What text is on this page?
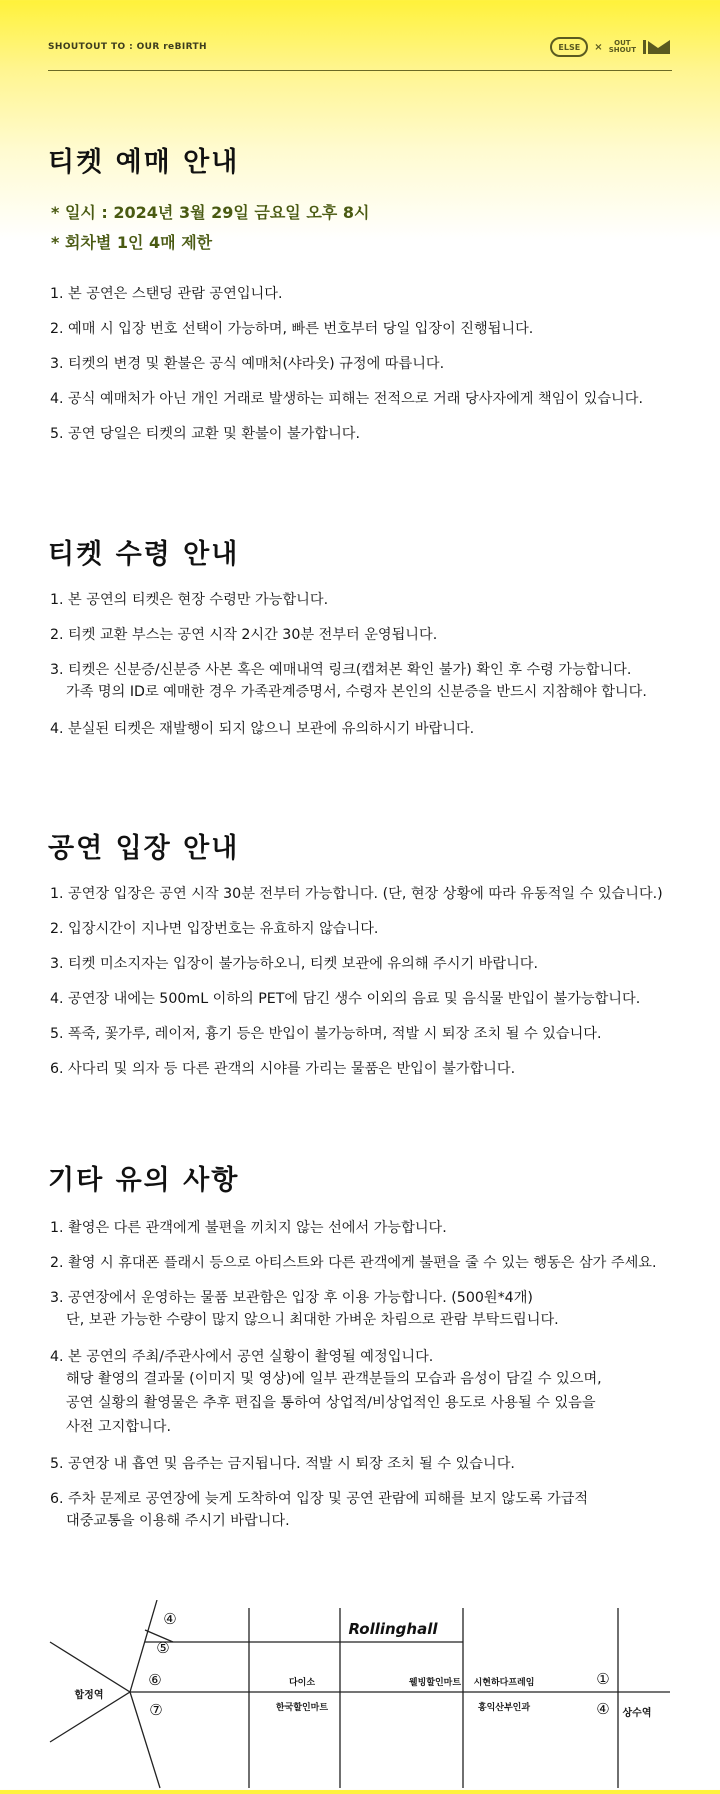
SHOUTOUT TO : OUR reBIRTH	ELSE	×	OUT
SHOUT
티켓 예매 안내
* 일시 : 2024년 3월 29일 금요일 오후 8시
* 회차별 1인 4매 제한
1. 본 공연은 스탠딩 관람 공연입니다.
2. 예매 시 입장 번호 선택이 가능하며, 빠른 번호부터 당일 입장이 진행됩니다.
3. 티켓의 변경 및 환불은 공식 예매처(샤라웃) 규정에 따릅니다.
4. 공식 예매처가 아닌 개인 거래로 발생하는 피해는 전적으로 거래 당사자에게 책임이 있습니다.
5. 공연 당일은 티켓의 교환 및 환불이 불가합니다.
티켓 수령 안내
1. 본 공연의 티켓은 현장 수령만 가능합니다.
2. 티켓 교환 부스는 공연 시작 2시간 30분 전부터 운영됩니다.
3. 티켓은 신분증/신분증 사본 혹은 예매내역 링크(캡쳐본 확인 불가) 확인 후 수령 가능합니다.
가족 명의 ID로 예매한 경우 가족관계증명서, 수령자 본인의 신분증을 반드시 지참해야 합니다.
4. 분실된 티켓은 재발행이 되지 않으니 보관에 유의하시기 바랍니다.
공연 입장 안내
1. 공연장 입장은 공연 시작 30분 전부터 가능합니다. (단, 현장 상황에 따라 유동적일 수 있습니다.)
2. 입장시간이 지나면 입장번호는 유효하지 않습니다.
3. 티켓 미소지자는 입장이 불가능하오니, 티켓 보관에 유의해 주시기 바랍니다.
4. 공연장 내에는 500mL 이하의 PET에 담긴 생수 이외의 음료 및 음식물 반입이 불가능합니다.
5. 폭죽, 꽃가루, 레이저, 흉기 등은 반입이 불가능하며, 적발 시 퇴장 조치 될 수 있습니다.
6. 사다리 및 의자 등 다른 관객의 시야를 가리는 물품은 반입이 불가합니다.
기타 유의 사항
1. 촬영은 다른 관객에게 불편을 끼치지 않는 선에서 가능합니다.
2. 촬영 시 휴대폰 플래시 등으로 아티스트와 다른 관객에게 불편을 줄 수 있는 행동은 삼가 주세요.
3. 공연장에서 운영하는 물품 보관함은 입장 후 이용 가능합니다. (500원*4개)
단, 보관 가능한 수량이 많지 않으니 최대한 가벼운 차림으로 관람 부탁드립니다.
4. 본 공연의 주최/주관사에서 공연 실황이 촬영될 예정입니다.
해당 촬영의 결과물 (이미지 및 영상)에 일부 관객분들의 모습과 음성이 담길 수 있으며,
공연 실황의 촬영물은 추후 편집을 통하여 상업적/비상업적인 용도로 사용될 수 있음을
사전 고지합니다.
5. 공연장 내 흡연 및 음주는 금지됩니다. 적발 시 퇴장 조치 될 수 있습니다.
6. 주차 문제로 공연장에 늦게 도착하여 입장 및 공연 관람에 피해를 보지 않도록 가급적
대중교통을 이용해 주시기 바랍니다.
Rollinghall
합정역
상수역
다이소
한국할인마트
웰빙할인마트 시현하다프레임
홍익산부인과
④
⑤
⑥
⑦
①
④
